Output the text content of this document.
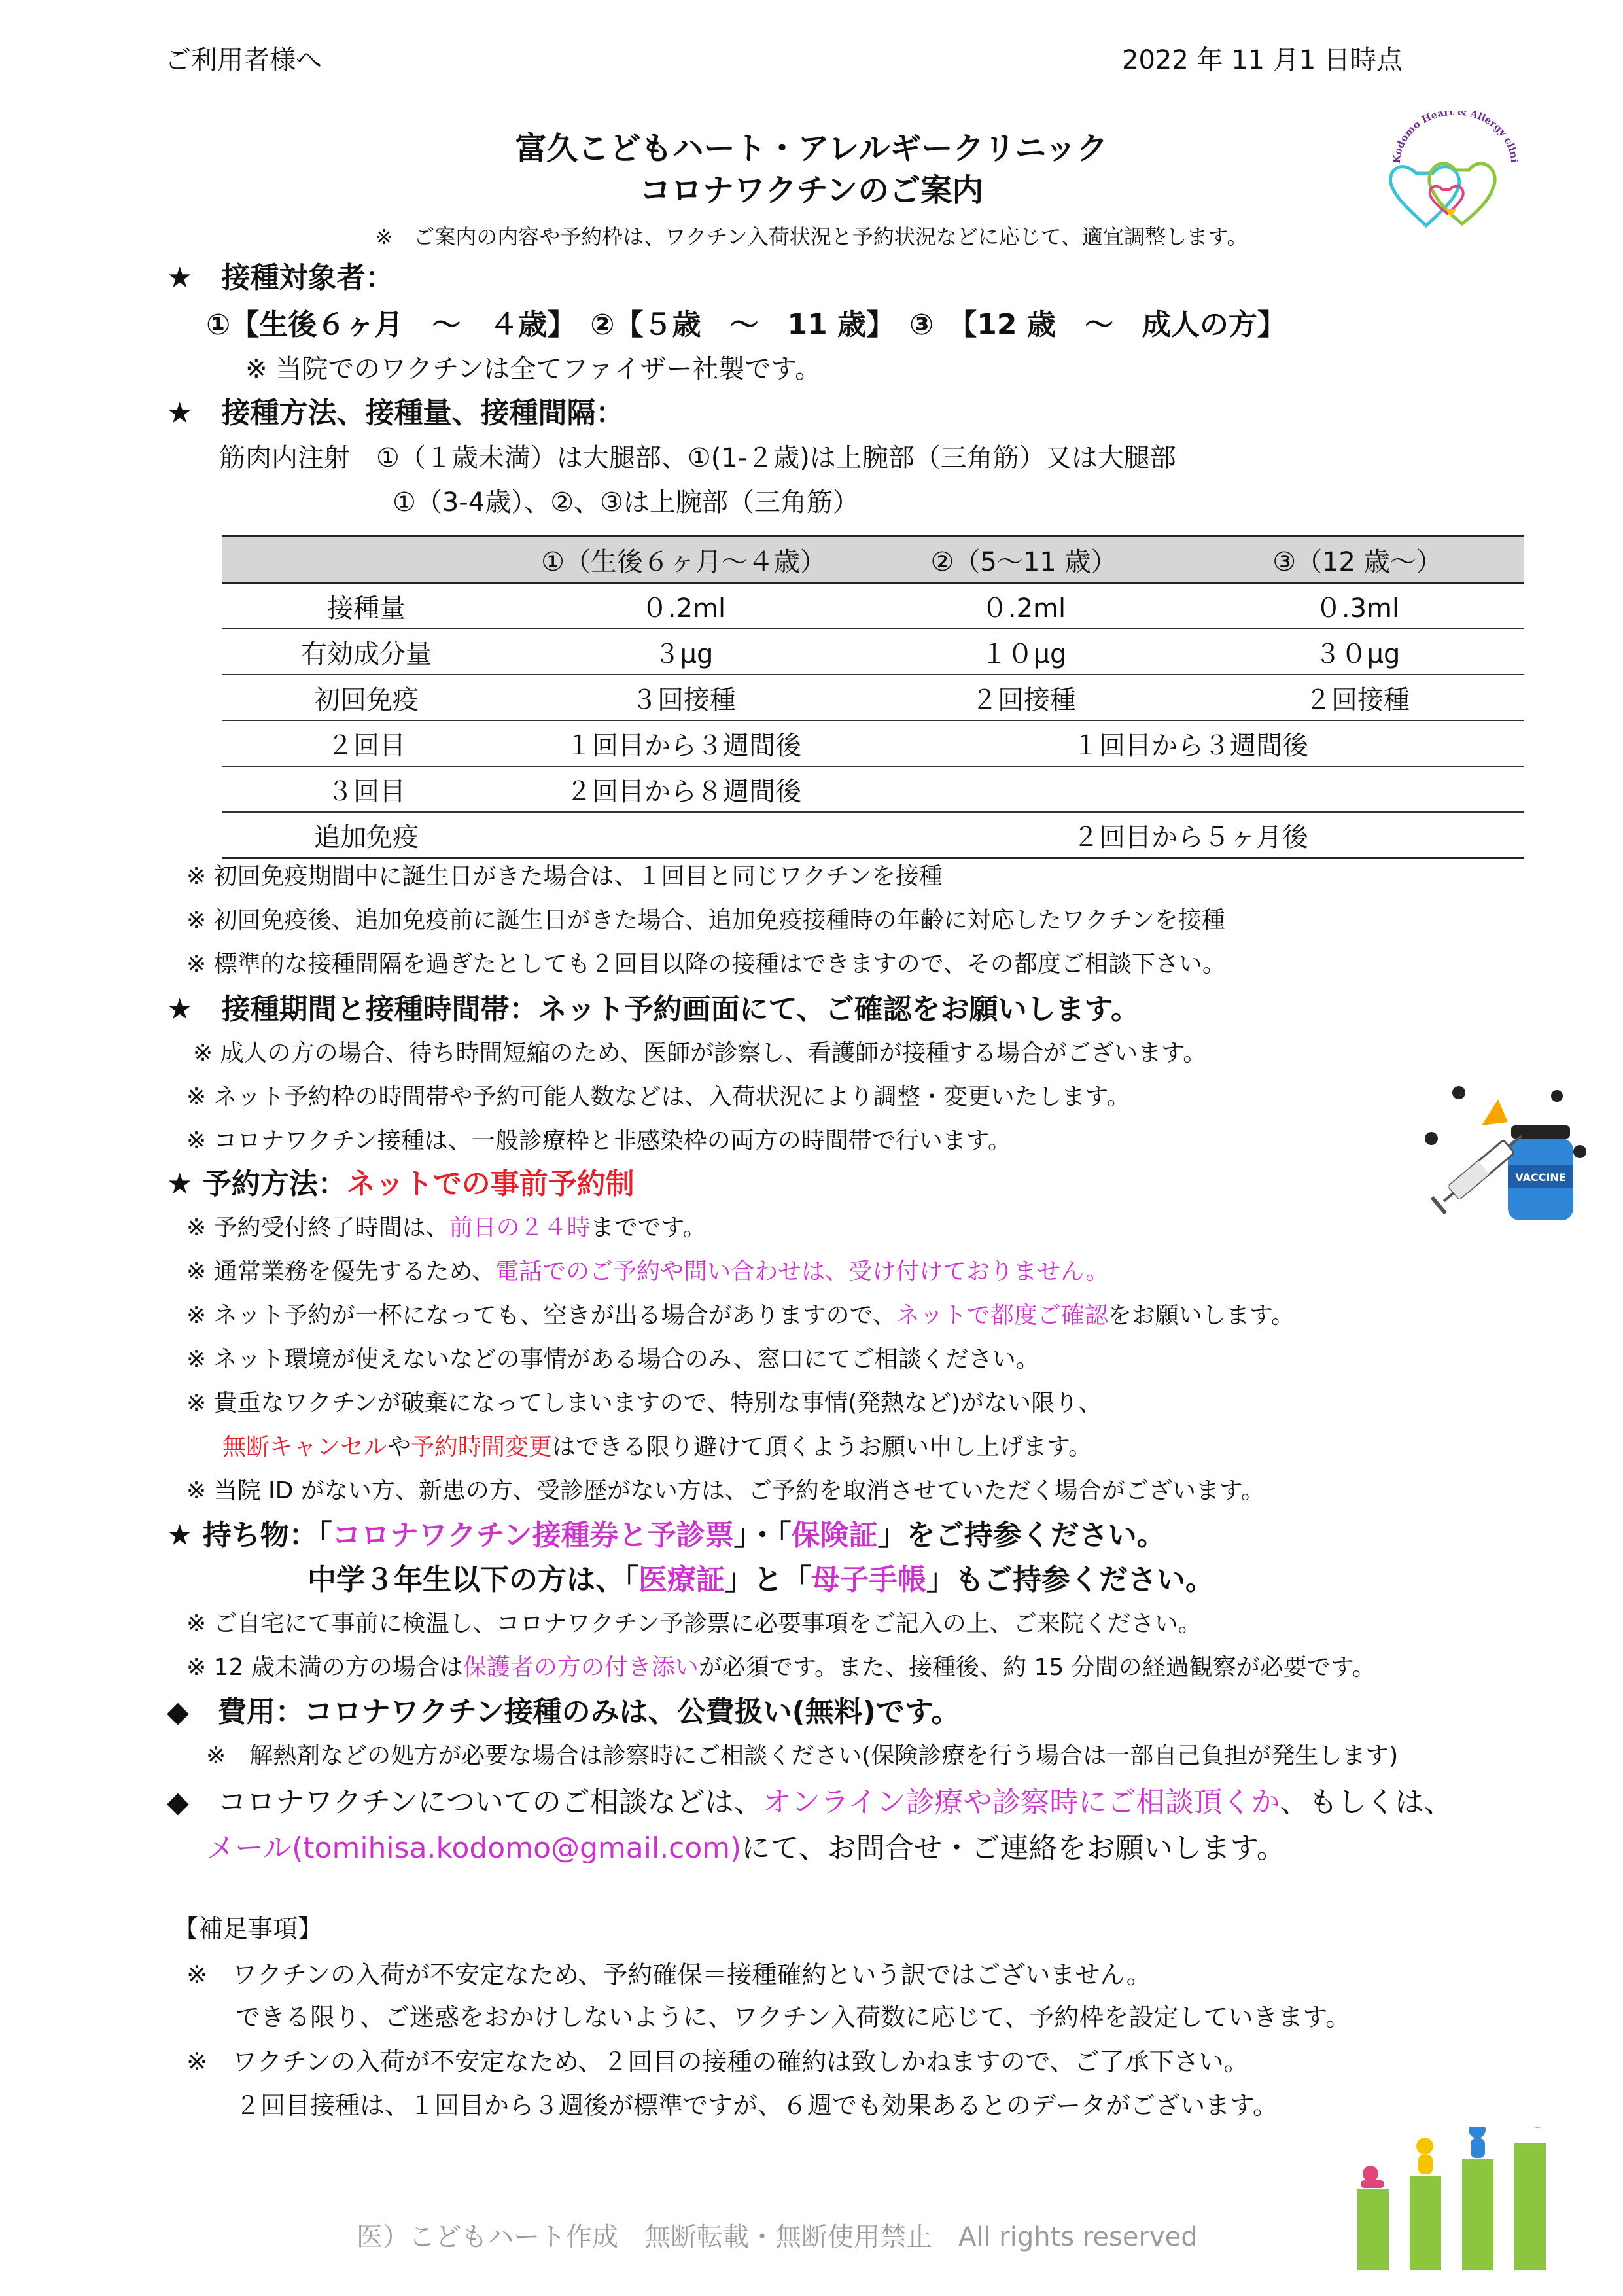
ご利用者様へ	2022 年 11 月1 日時点
富久こどもハート・アレルギークリニック
コロナワクチンのご案内
※　ご案内の内容や予約枠は、ワクチン入荷状況と予約状況などに応じて、適宜調整します。
Kodomo Heart & Allergy clini
★　接種対象者：
①【生後６ヶ月　～　４歳】　②【５歳　～　11 歳】　③　【12 歳　～　成人の方】
※ 当院でのワクチンは全てファイザー社製です。
★　接種方法、接種量、接種間隔：
筋肉内注射　①（１歳未満）は大腿部、①(1-２歳)は上腕部（三角筋）又は大腿部
①（3-4歳）、②、③は上腕部（三角筋）
	①（生後６ヶ月～４歳）	②（5～11 歳）	③（12 歳～）
接種量	０.2ml	０.2ml	０.3ml
有効成分量	３μg	１０μg	３０μg
初回免疫	３回接種	２回接種	２回接種
２回目	１回目から３週間後	１回目から３週間後	
３回目	２回目から８週間後		
追加免疫		２回目から５ヶ月後	
※ 初回免疫期間中に誕生日がきた場合は、１回目と同じワクチンを接種
※ 初回免疫後、追加免疫前に誕生日がきた場合、追加免疫接種時の年齢に対応したワクチンを接種
※ 標準的な接種間隔を過ぎたとしても２回目以降の接種はできますので、その都度ご相談下さい。
★　接種期間と接種時間帯：ネット予約画面にて、ご確認をお願いします。
※ 成人の方の場合、待ち時間短縮のため、医師が診察し、看護師が接種する場合がございます。
※ ネット予約枠の時間帯や予約可能人数などは、入荷状況により調整・変更いたします。
※ コロナワクチン接種は、一般診療枠と非感染枠の両方の時間帯で行います。
VACCINE
★ 予約方法：ネットでの事前予約制
※ 予約受付終了時間は、前日の２４時までです。
※ 通常業務を優先するため、電話でのご予約や問い合わせは、受け付けておりません。
※ ネット予約が一杯になっても、空きが出る場合がありますので、ネットで都度ご確認をお願いします。
※ ネット環境が使えないなどの事情がある場合のみ、窓口にてご相談ください。
※ 貴重なワクチンが破棄になってしまいますので、特別な事情(発熱など)がない限り、
無断キャンセルや予約時間変更はできる限り避けて頂くようお願い申し上げます。
※ 当院 ID がない方、新患の方、受診歴がない方は、ご予約を取消させていただく場合がございます。
★ 持ち物：「コロナワクチン接種券と予診票」・「保険証」をご持参ください。
中学３年生以下の方は、「医療証」と「母子手帳」もご持参ください。
※ ご自宅にて事前に検温し、コロナワクチン予診票に必要事項をご記入の上、ご来院ください。
※ 12 歳未満の方の場合は保護者の方の付き添いが必須です。また、接種後、約 15 分間の経過観察が必要です。
◆　費用：コロナワクチン接種のみは、公費扱い(無料)です。
※　解熱剤などの処方が必要な場合は診察時にご相談ください(保険診療を行う場合は一部自己負担が発生します)
◆　コロナワクチンについてのご相談などは、オンライン診療や診察時にご相談頂くか、もしくは、
メール(tomihisa.kodomo@gmail.com)にて、お問合せ・ご連絡をお願いします。
【補足事項】
※　ワクチンの入荷が不安定なため、予約確保＝接種確約という訳ではございません。
できる限り、ご迷惑をおかけしないように、ワクチン入荷数に応じて、予約枠を設定していきます。
※　ワクチンの入荷が不安定なため、２回目の接種の確約は致しかねますので、ご了承下さい。
２回目接種は、１回目から３週後が標準ですが、６週でも効果あるとのデータがございます。
医）こどもハート作成　無断転載・無断使用禁止　All rights reserved
